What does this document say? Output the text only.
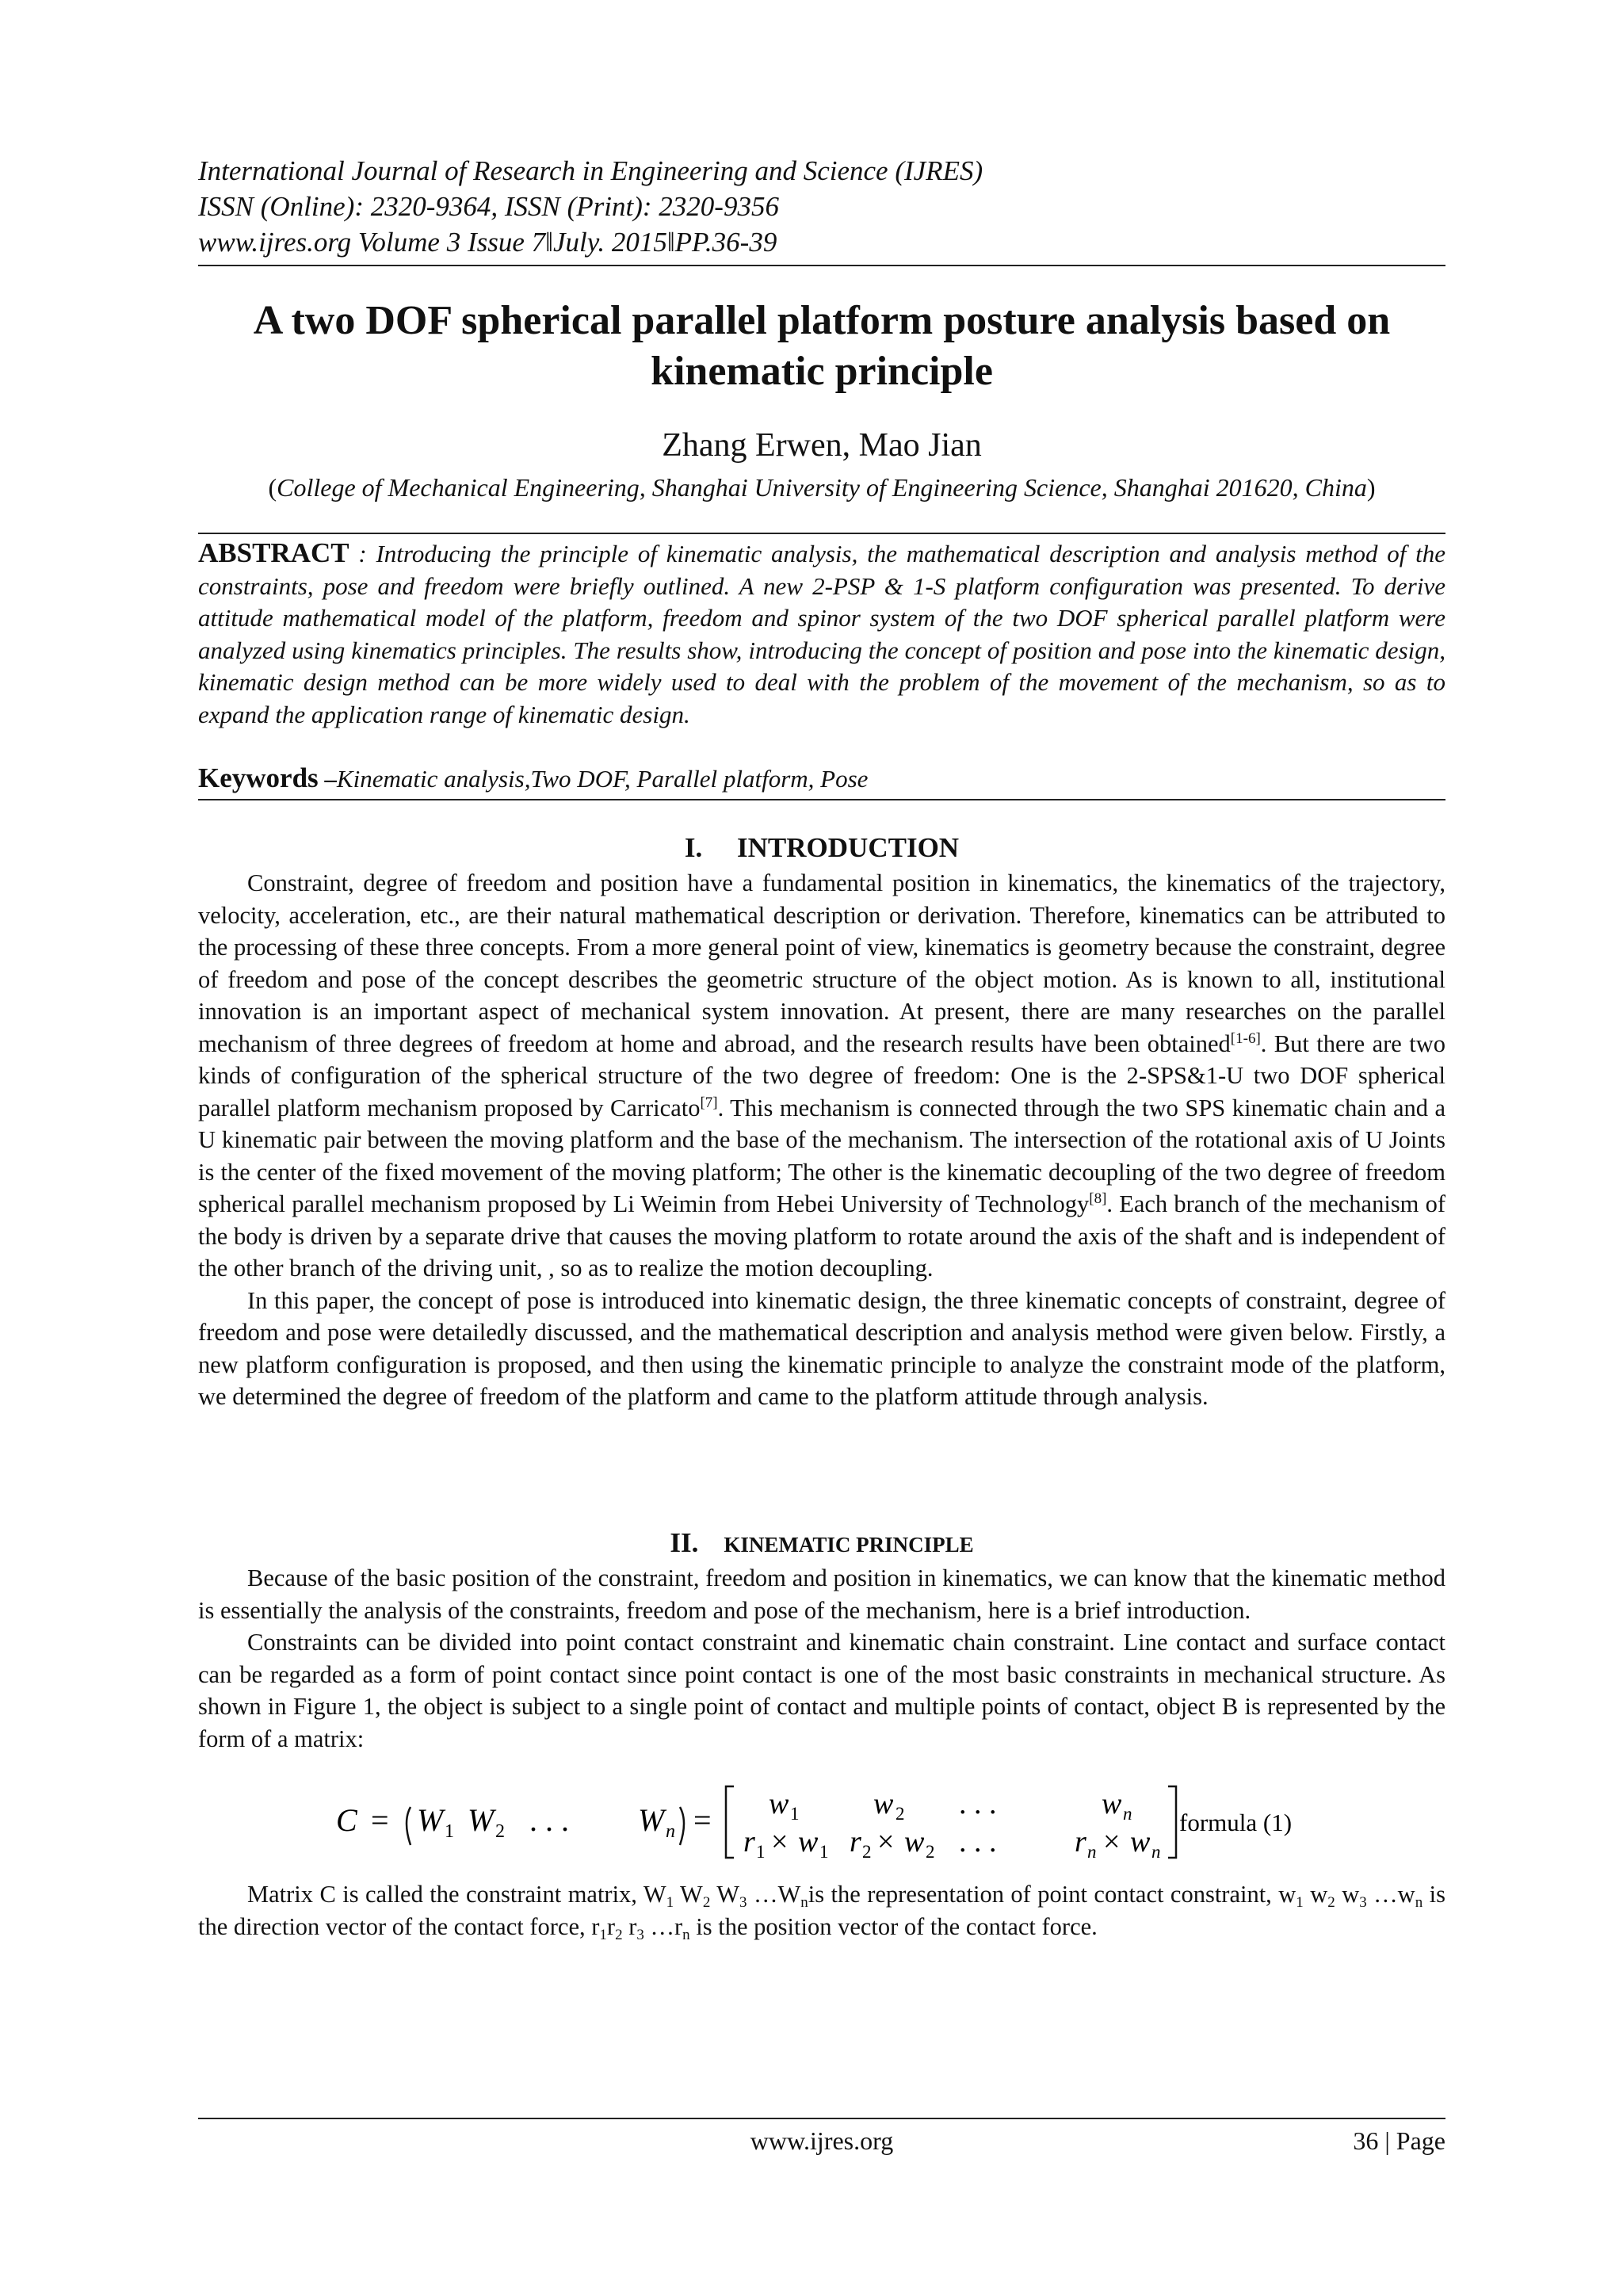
International Journal of Research in Engineering and Science (IJRES)
ISSN (Online): 2320-9364, ISSN (Print): 2320-9356
www.ijres.org Volume 3 Issue 7ǁJuly. 2015ǁPP.36-39
A two DOF spherical parallel platform posture analysis based on kinematic principle
Zhang Erwen, Mao Jian
(College of Mechanical Engineering, Shanghai University of Engineering Science, Shanghai 201620, China)
ABSTRACT : Introducing the principle of kinematic analysis, the mathematical description and analysis method of the constraints, pose and freedom were briefly outlined. A new 2-PSP & 1-S platform configuration was presented. To derive attitude mathematical model of the platform, freedom and spinor system of the two DOF spherical parallel platform were analyzed using kinematics principles. The results show, introducing the concept of position and pose into the kinematic design, kinematic design method can be more widely used to deal with the problem of the movement of the mechanism, so as to expand the application range of kinematic design.
Keywords –Kinematic analysis,Two DOF, Parallel platform, Pose
I. INTRODUCTION

Constraint, degree of freedom and position have a fundamental position in kinematics, the kinematics of the trajectory, velocity, acceleration, etc., are their natural mathematical description or derivation. Therefore, kinematics can be attributed to the processing of these three concepts. From a more general point of view, kinematics is geometry because the constraint, degree of freedom and pose of the concept describes the geometric structure of the object motion. As is known to all, institutional innovation is an important aspect of mechanical system innovation. At present, there are many researches on the parallel mechanism of three degrees of freedom at home and abroad, and the research results have been obtained[1-6]. But there are two kinds of configuration of the spherical structure of the two degree of freedom: One is the 2-SPS&1-U two DOF spherical parallel platform mechanism proposed by Carricato[7]. This mechanism is connected through the two SPS kinematic chain and a U kinematic pair between the moving platform and the base of the mechanism. The intersection of the rotational axis of U Joints is the center of the fixed movement of the moving platform; The other is the kinematic decoupling of the two degree of freedom spherical parallel mechanism proposed by Li Weimin from Hebei University of Technology[8]. Each branch of the mechanism of the body is driven by a separate drive that causes the moving platform to rotate around the axis of the shaft and is independent of the other branch of the driving unit, , so as to realize the motion decoupling.

In this paper, the concept of pose is introduced into kinematic design, the three kinematic concepts of constraint, degree of freedom and pose were detailedly discussed, and the mathematical description and analysis method were given below. Firstly, a new platform configuration is proposed, and then using the kinematic principle to analyze the constraint mode of the platform, we determined the degree of freedom of the platform and came to the platform attitude through analysis.

II. KINEMATIC PRINCIPLE

Because of the basic position of the constraint, freedom and position in kinematics, we can know that the kinematic method is essentially the analysis of the constraints, freedom and pose of the mechanism, here is a brief introduction.

Constraints can be divided into point contact constraint and kinematic chain constraint. Line contact and surface contact can be regarded as a form of point contact since point contact is one of the most basic constraints in mechanical structure. As shown in Figure 1, the object is subject to a single point of contact and multiple points of contact, object B is represented by the form of a matrix:

C = W 1 W 2 . . . W n = w 1 w 2 . . .	w n
r 1 × w 1 r 2 × w 2 . . .	r n × w n
formula (1)

Matrix C is called the constraint matrix, $W_1$ $W_2$ $W_3$ $\dots W_nis$ the representation of point contact constraint, $w_1$ $w_2$ $w_3$ $\dots w_n$ is the direction vector of the contact force, $r_1r_2$ $r_3$ $\dots r_n$ is the position vector of the contact force.

www.ijres.org	36 | Page
